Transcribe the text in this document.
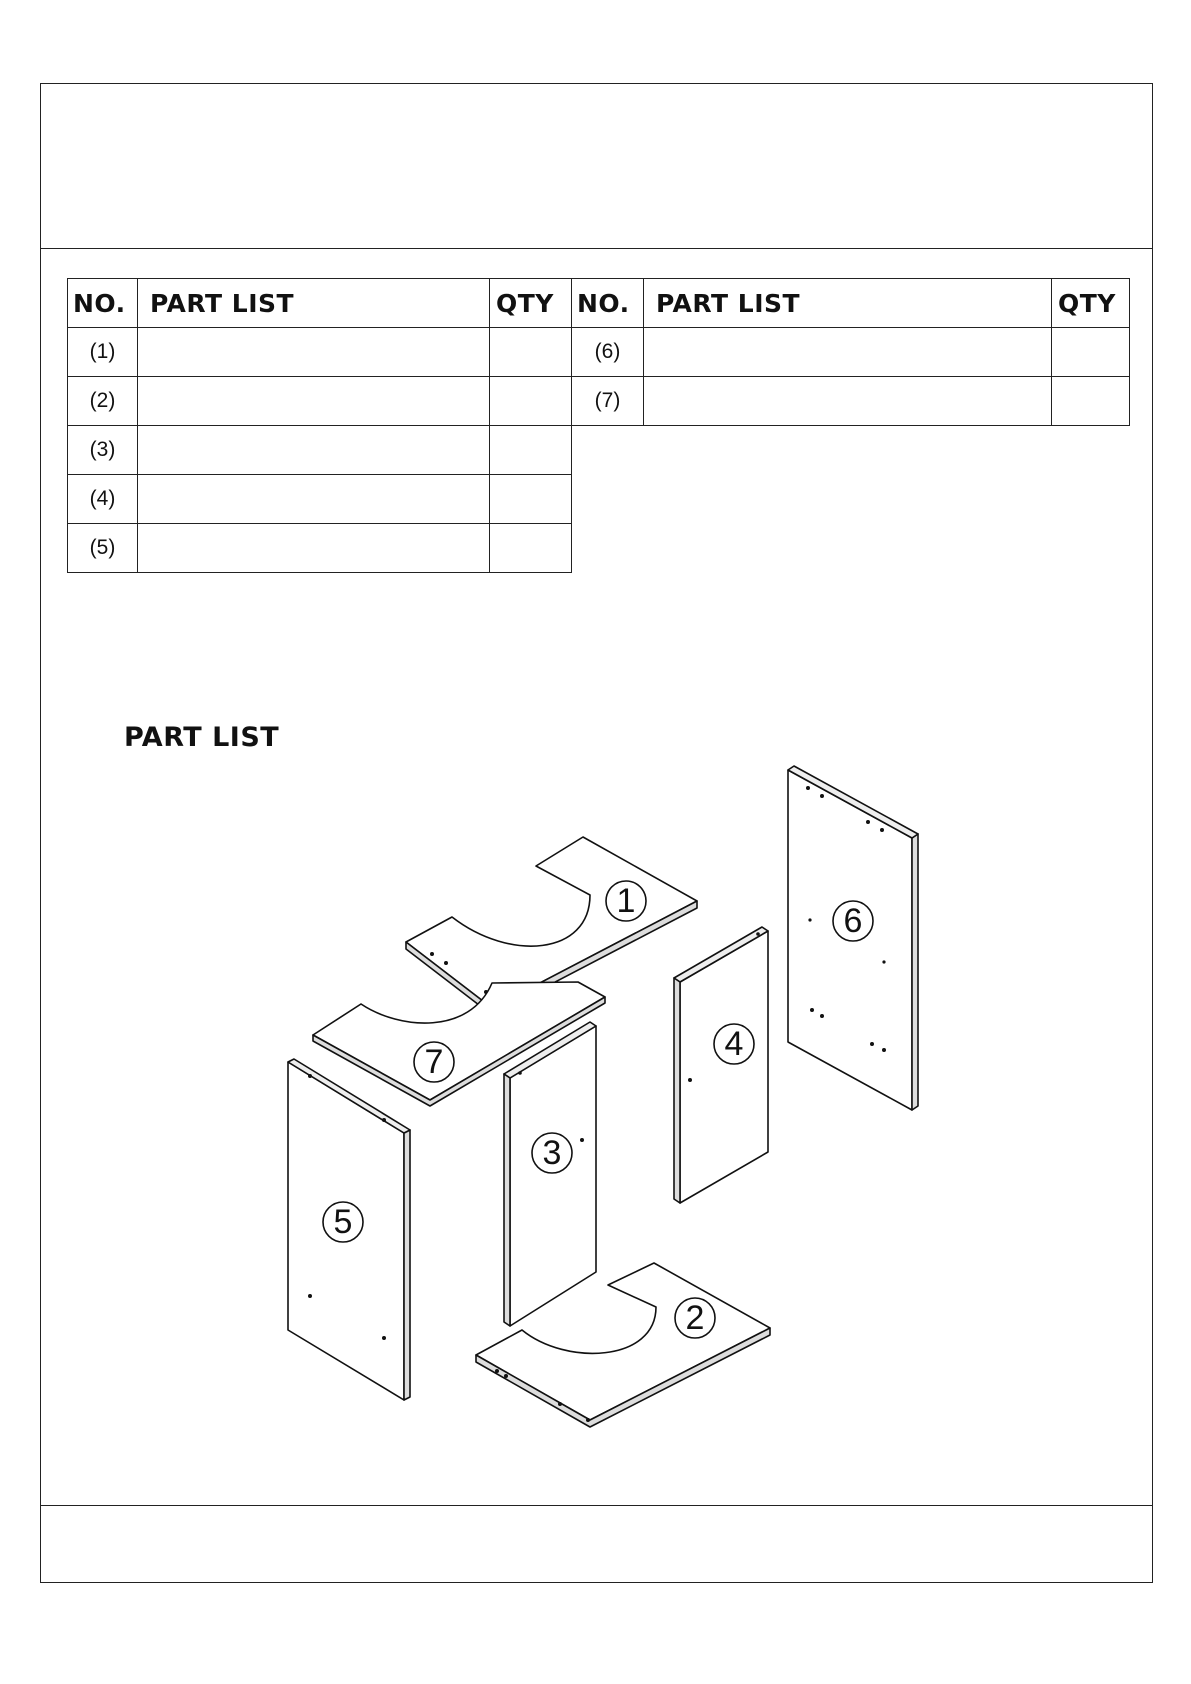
NO.	PART LIST	QTY
(1)		
(2)		
(3)		
(4)		
(5)		
NO.	PART LIST	QTY
(6)		
(7)		
PART LIST
1
2
3
4
5
6
7
